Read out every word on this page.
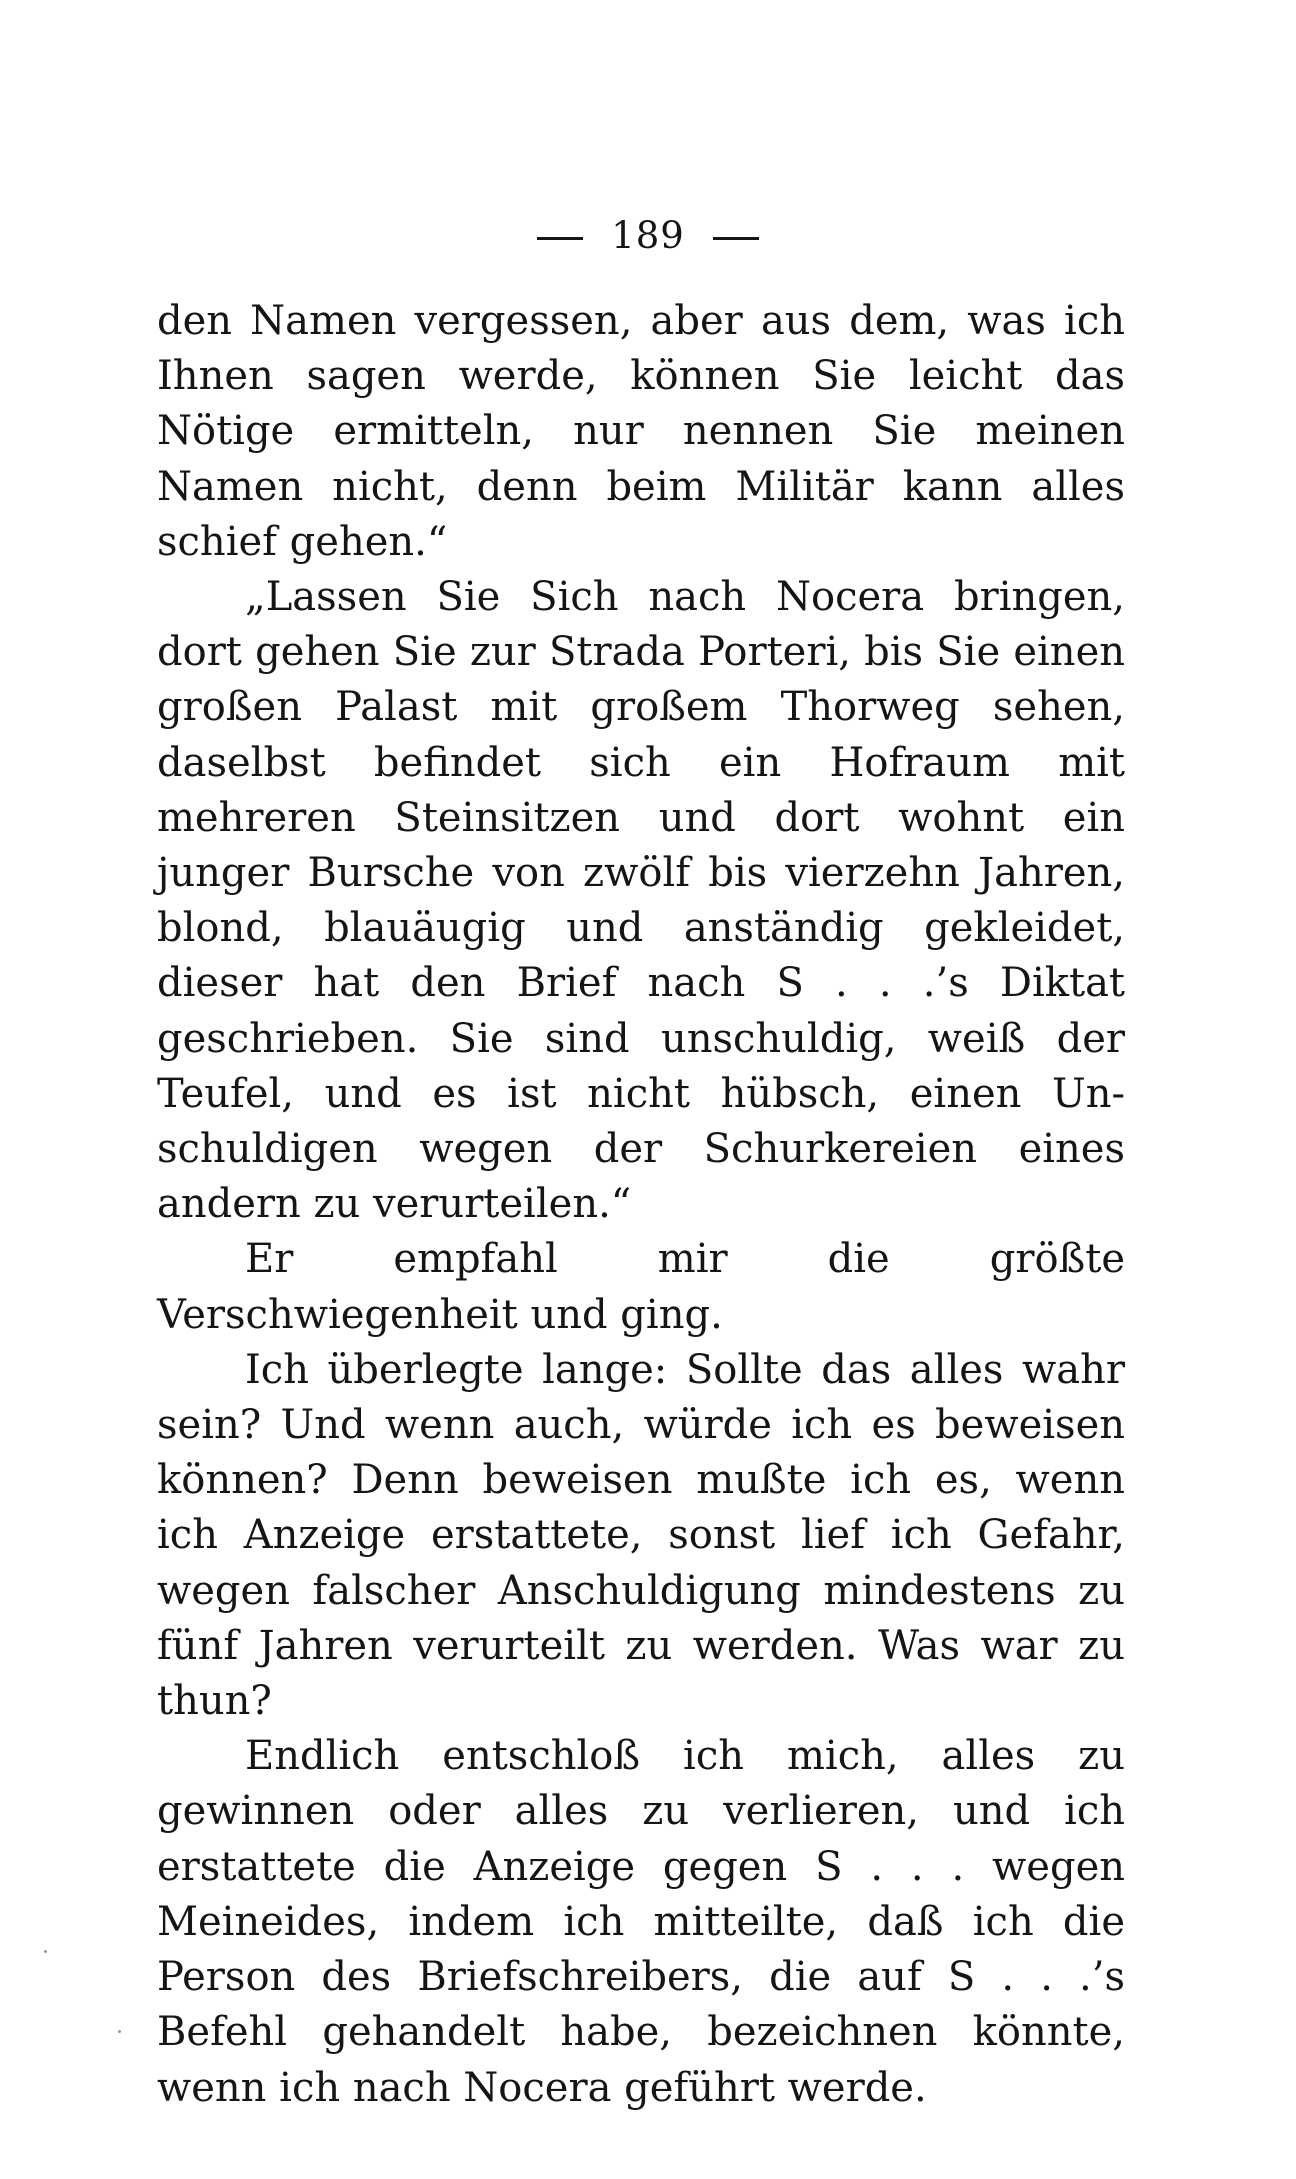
189

den Namen vergessen, aber aus dem, was ich Ihnen sagen werde, können Sie leicht das Nötige ermitteln, nur nennen Sie meinen Namen nicht, denn beim Militär kann alles schief gehen.“

„Lassen Sie Sich nach Nocera bringen, dort gehen Sie zur Strada Porteri, bis Sie einen großen Palast mit großem Thorweg sehen, daselbst befindet sich ein Hofraum mit mehreren Steinsitzen und dort wohnt ein junger Bursche von zwölf bis vierzehn Jahren, blond, blauäugig und anständig gekleidet, dieser hat den Brief nach S . . .’s Diktat geschrieben. Sie sind unschuldig, weiß der Teufel, und es ist nicht hübsch, einen Unschuldigen wegen der Schurkereien eines andern zu verurteilen.“

Er empfahl mir die größte Verschwiegenheit und ging.

Ich überlegte lange: Sollte das alles wahr sein? Und wenn auch, würde ich es beweisen können? Denn beweisen mußte ich es, wenn ich Anzeige erstattete, sonst lief ich Gefahr, wegen falscher Anschuldigung mindestens zu fünf Jahren verurteilt zu werden. Was war zu thun?

Endlich entschloß ich mich, alles zu gewinnen oder alles zu verlieren, und ich erstattete die Anzeige gegen S . . . wegen Meineides, indem ich mitteilte, daß ich die Person des Briefschreibers, die auf S . . .’s Befehl gehandelt habe, bezeichnen könnte, wenn ich nach Nocera geführt werde.
